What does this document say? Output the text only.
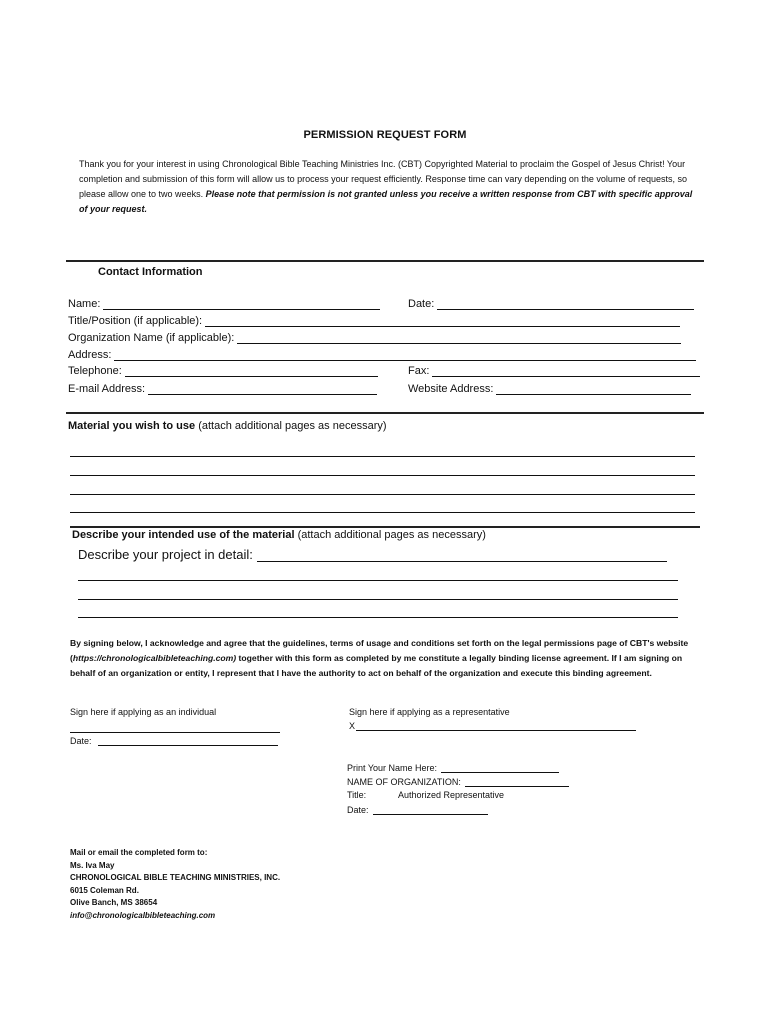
PERMISSION REQUEST FORM
Thank you for your interest in using Chronological Bible Teaching Ministries Inc. (CBT) Copyrighted Material to proclaim the Gospel of Jesus Christ! Your completion and submission of this form will allow us to process your request efficiently. Response time can vary depending on the volume of requests, so please allow one to two weeks. Please note that permission is not granted unless you receive a written response from CBT with specific approval of your request.
Contact Information
Name:	Date:
Title/Position (if applicable):
Organization Name (if applicable):
Address:
Telephone:	Fax:
E-mail Address:	Website Address:
Material you wish to use (attach additional pages as necessary)
Describe your intended use of the material (attach additional pages as necessary)
Describe your project in detail:
By signing below, I acknowledge and agree that the guidelines, terms of usage and conditions set forth on the legal permissions page of CBT's website (https://chronologicalbibleteaching.com) together with this form as completed by me constitute a legally binding license agreement. If I am signing on behalf of an organization or entity, I represent that I have the authority to act on behalf of the organization and execute this binding agreement.
Sign here if applying as an individual
Date:
Sign here if applying as a representative
X
Print Your Name Here:
NAME OF ORGANIZATION:
Title:	Authorized Representative
Date:
Mail or email the completed form to:
Ms. Iva May
CHRONOLOGICAL BIBLE TEACHING MINISTRIES, INC.
6015 Coleman Rd.
Olive Banch, MS 38654
info@chronologicalbibleteaching.com
